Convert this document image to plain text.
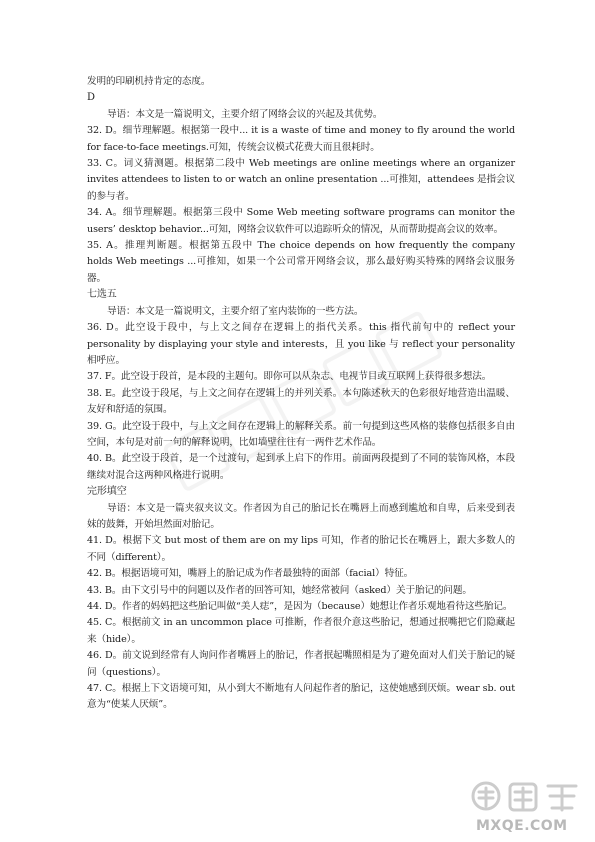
发明的印刷机持肯定的态度。

D

导语：本文是一篇说明文，主要介绍了网络会议的兴起及其优势。

32. D。细节理解题。根据第一段中... it is a waste of time and money to fly around the world for face-to-face meetings.可知，传统会议模式花费大而且很耗时。

33. C。词义猜测题。根据第二段中 Web meetings are online meetings where an organizer invites attendees to listen to or watch an online presentation ...可推知，attendees 是指会议的参与者。

34. A。细节理解题。根据第三段中 Some Web meeting software programs can monitor the users’ desktop behavior...可知，网络会议软件可以追踪听众的情况，从而帮助提高会议的效率。

35. A。推理判断题。根据第五段中 The choice depends on how frequently the company holds Web meetings ...可推知，如果一个公司常开网络会议，那么最好购买特殊的网络会议服务器。

七选五

导语：本文是一篇说明文，主要介绍了室内装饰的一些方法。

36. D。此空设于段中，与上文之间存在逻辑上的指代关系。this 指代前句中的 reflect your personality by displaying your style and interests，且 you like 与 reflect your personality 相呼应。

37. F。此空设于段首，是本段的主题句。即你可以从杂志、电视节目或互联网上获得很多想法。

38. E。此空设于段尾，与上文之间存在逻辑上的并列关系。本句陈述秋天的色彩很好地营造出温暖、友好和舒适的氛围。

39. G。此空设于段中，与上文之间存在逻辑上的解释关系。前一句提到这些风格的装修包括很多自由空间，本句是对前一句的解释说明，比如墙壁往往有一两件艺术作品。

40. B。此空设于段首，是一个过渡句，起到承上启下的作用。前面两段提到了不同的装饰风格，本段继续对混合这两种风格进行说明。

完形填空

导语：本文是一篇夹叙夹议文。作者因为自己的胎记长在嘴唇上而感到尴尬和自卑，后来受到表妹的鼓舞，开始坦然面对胎记。

41. D。根据下文 but most of them are on my lips 可知，作者的胎记长在嘴唇上，跟大多数人的不同（different）。

42. B。根据语境可知，嘴唇上的胎记成为作者最独特的面部（facial）特征。

43. B。由下文引号中的问题以及作者的回答可知，她经常被问（asked）关于胎记的问题。

44. D。作者的妈妈把这些胎记叫做“美人痣”，是因为（because）她想让作者乐观地看待这些胎记。

45. C。根据前文 in an uncommon place 可推断，作者很介意这些胎记，想通过抿嘴把它们隐藏起来（hide）。

46. D。前文说到经常有人询问作者嘴唇上的胎记，作者抿起嘴照相是为了避免面对人们关于胎记的疑问（questions）。

47. C。根据上下文语境可知，从小到大不断地有人问起作者的胎记，这使她感到厌烦。wear sb. out 意为“使某人厌烦”。

MXQE.COM
